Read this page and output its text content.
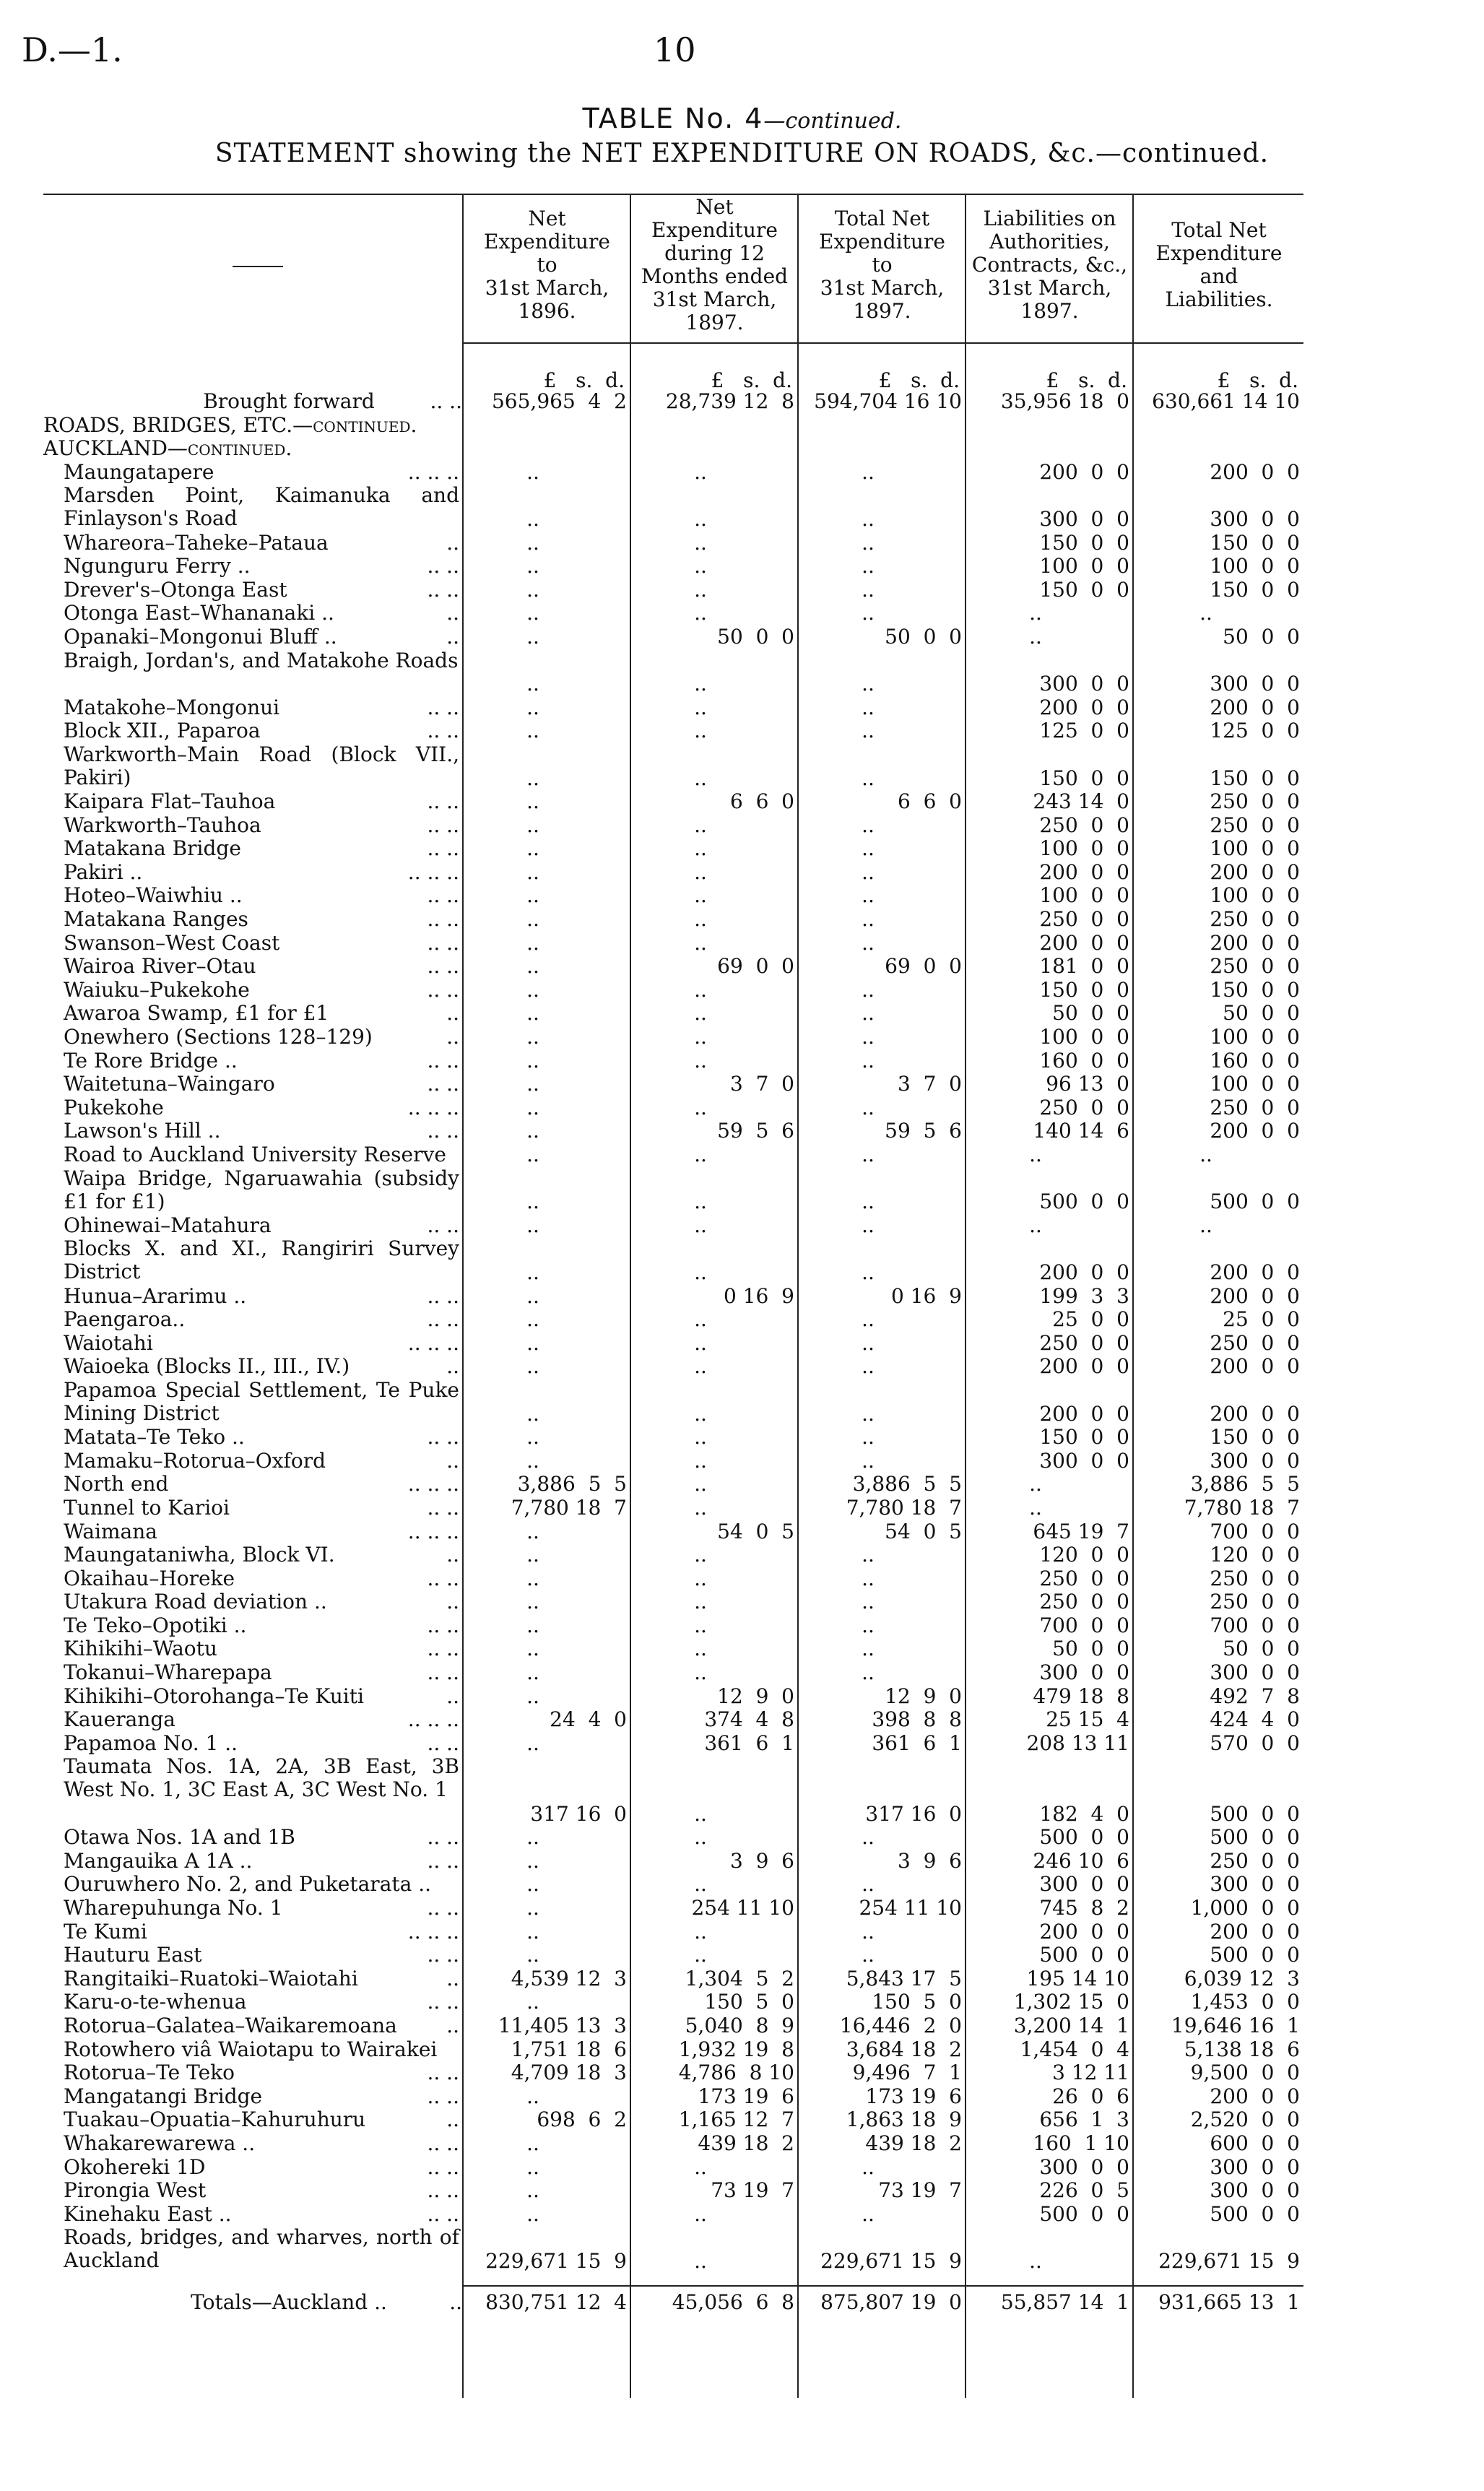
D.—1.	10
TABLE No. 4—continued.
STATEMENT showing the NET EXPENDITURE ON ROADS, &c.—continued.
Net
Expenditure
to
31st March,
1896.
Net
Expenditure
during 12
Months ended
31st March,
1897.
Total Net
Expenditure
to
31st March,
1897.
Liabilities on
Authorities,
Contracts, &c.,
31st March,
1897.
Total Net
Expenditure
and
Liabilities.
£   s.  d.	£   s.  d.	£   s.  d.	£   s.  d.	£   s.  d.
Brought forward	.. ..	565,965  4  2	28,739 12  8 594,704 16 10	35,956 18  0	630,661 14 10
ROADS, BRIDGES, ETC.—continued.
AUCKLAND—continued.
Maungatapere	.. .. ..	..	..	..	200  0  0	200  0  0
Marsden Point, Kaimanuka and Finlayson's Road	..	..	..	300  0  0	300  0  0
Whareora–Taheke–Pataua	..	..	..	..	150  0  0	150  0  0
Ngunguru Ferry ..	.. ..	..	..	..	100  0  0	100  0  0
Drever's–Otonga East	.. ..	..	..	..	150  0  0	150  0  0
Otonga East–Whananaki ..	..	..	..	..	..	..
Opanaki–Mongonui Bluff ..	..	..	50  0  0	50  0  0	..	50  0  0
Braigh, Jordan's, and Matakohe Roads
..	..	..	300  0  0	300  0  0
Matakohe–Mongonui	.. ..	..	..	..	200  0  0	200  0  0
Block XII., Paparoa	.. ..	..	..	..	125  0  0	125  0  0
Warkworth–Main Road (Block VII., Pakiri)	..	..	..	150  0  0	150  0  0
Kaipara Flat–Tauhoa	.. ..	..	6  6  0	6  6  0	243 14  0	250  0  0
Warkworth–Tauhoa	.. ..	..	..	..	250  0  0	250  0  0
Matakana Bridge	.. ..	..	..	..	100  0  0	100  0  0
Pakiri ..	.. .. ..	..	..	..	200  0  0	200  0  0
Hoteo–Waiwhiu ..	.. ..	..	..	..	100  0  0	100  0  0
Matakana Ranges	.. ..	..	..	..	250  0  0	250  0  0
Swanson–West Coast	.. ..	..	..	..	200  0  0	200  0  0
Wairoa River–Otau	.. ..	..	69  0  0	69  0  0	181  0  0	250  0  0
Waiuku–Pukekohe	.. ..	..	..	..	150  0  0	150  0  0
Awaroa Swamp, £1 for £1	..	..	..	..	50  0  0	50  0  0
Onewhero (Sections 128–129)	..	..	..	..	100  0  0	100  0  0
Te Rore Bridge ..	.. ..	..	..	..	160  0  0	160  0  0
Waitetuna–Waingaro	.. ..	..	3  7  0	3  7  0	96 13  0	100  0  0
Pukekohe	.. .. ..	..	..	..	250  0  0	250  0  0
Lawson's Hill ..	.. ..	..	59  5  6	59  5  6	140 14  6	200  0  0
Road to Auckland University Reserve	..	..	..	..	..
Waipa Bridge, Ngaruawahia (subsidy £1 for £1)	..	..	..	500  0  0	500  0  0
Ohinewai–Matahura	.. ..	..	..	..	..	..
Blocks X. and XI., Rangiriri Survey District	..	..	..	200  0  0	200  0  0
Hunua–Ararimu ..	.. ..	..	0 16  9	0 16  9	199  3  3	200  0  0
Paengaroa..	.. ..	..	..	..	25  0  0	25  0  0
Waiotahi	.. .. ..	..	..	..	250  0  0	250  0  0
Waioeka (Blocks II., III., IV.)	..	..	..	..	200  0  0	200  0  0
Papamoa Special Settlement, Te Puke Mining District	..	..	..	200  0  0	200  0  0
Matata–Te Teko ..	.. ..	..	..	..	150  0  0	150  0  0
Mamaku–Rotorua–Oxford	..	..	..	..	300  0  0	300  0  0
North end	.. .. ..	3,886  5  5	..	3,886  5  5	..	3,886  5  5
Tunnel to Karioi	.. ..	7,780 18  7	..	7,780 18  7	..	7,780 18  7
Waimana	.. .. ..	..	54  0  5	54  0  5	645 19  7	700  0  0
Maungataniwha, Block VI.	..	..	..	..	120  0  0	120  0  0
Okaihau–Horeke	.. ..	..	..	..	250  0  0	250  0  0
Utakura Road deviation ..	..	..	..	..	250  0  0	250  0  0
Te Teko–Opotiki ..	.. ..	..	..	..	700  0  0	700  0  0
Kihikihi–Waotu	.. ..	..	..	..	50  0  0	50  0  0
Tokanui–Wharepapa	.. ..	..	..	..	300  0  0	300  0  0
Kihikihi–Otorohanga–Te Kuiti	..	..	12  9  0	12  9  0	479 18  8	492  7  8
Kaueranga	.. .. ..	24  4  0	374  4  8	398  8  8	25 15  4	424  4  0
Papamoa No. 1 ..	.. ..	..	361  6  1	361  6  1	208 13 11	570  0  0
Taumata Nos. 1A, 2A, 3B East, 3B West No. 1, 3C East A, 3C West No. 1
317 16  0	..	317 16  0	182  4  0	500  0  0
Otawa Nos. 1A and 1B	.. ..	..	..	..	500  0  0	500  0  0
Mangauika A 1A ..	.. ..	..	3  9  6	3  9  6	246 10  6	250  0  0
Ouruwhero No. 2, and Puketarata ..	..	..	..	300  0  0	300  0  0
Wharepuhunga No. 1	.. ..	..	254 11 10	254 11 10	745  8  2	1,000  0  0
Te Kumi	.. .. ..	..	..	..	200  0  0	200  0  0
Hauturu East	.. ..	..	..	..	500  0  0	500  0  0
Rangitaiki–Ruatoki–Waiotahi	..	4,539 12  3	1,304  5  2	5,843 17  5	195 14 10	6,039 12  3
Karu-o-te-whenua	.. ..	..	150  5  0	150  5  0	1,302 15  0	1,453  0  0
Rotorua–Galatea–Waikaremoana ..	11,405 13  3	5,040  8  9	16,446  2  0	3,200 14  1	19,646 16  1
Rotowhero viâ Waiotapu to Wairakei	1,751 18  6	1,932 19  8	3,684 18  2	1,454  0  4	5,138 18  6
Rotorua–Te Teko	.. ..	4,709 18  3	4,786  8 10	9,496  7  1	3 12 11	9,500  0  0
Mangatangi Bridge	.. ..	..	173 19  6	173 19  6	26  0  6	200  0  0
Tuakau–Opuatia–Kahuruhuru	..	698  6  2	1,165 12  7	1,863 18  9	656  1  3	2,520  0  0
Whakarewarewa ..	.. ..	..	439 18  2	439 18  2	160  1 10	600  0  0
Okohereki 1D	.. ..	..	..	..	300  0  0	300  0  0
Pirongia West	.. ..	..	73 19  7	73 19  7	226  0  5	300  0  0
Kinehaku East ..	.. ..	..	..	..	500  0  0	500  0  0
Roads, bridges, and wharves, north of Auckland	229,671 15  9	..	229,671 15  9	..	229,671 15  9
Totals—Auckland ..	..	830,751 12  4	45,056  6  8	875,807 19  0	55,857 14  1	931,665 13  1
